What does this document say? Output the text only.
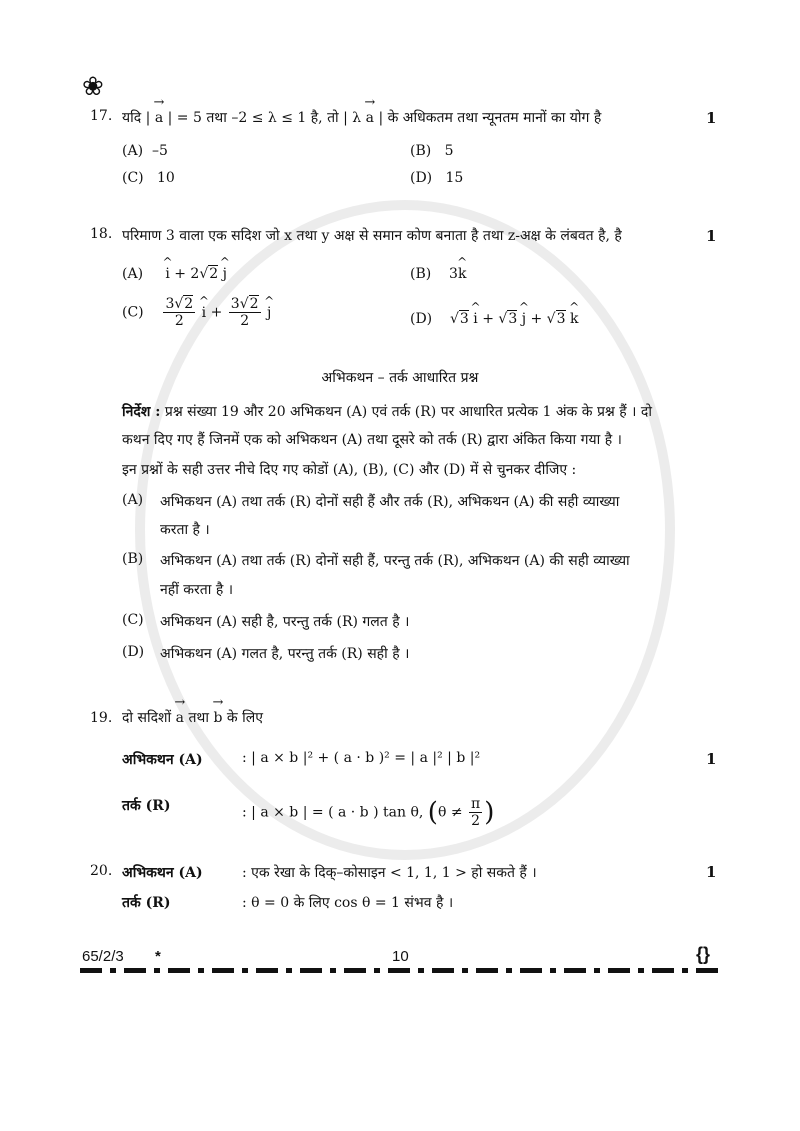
❀
17. यदि | → a | = 5 तथा –2 ≤ λ ≤ 1 है, तो | λ → a | के अधिकतम तथा न्यूनतम मानों का योग है	1
(A) –5	(B) 5
(C) 10	(D) 15
18. परिमाण 3 वाला एक सदिश जो x तथा y अक्ष से समान कोण बनाता है तथा z-अक्ष के लंबवत है, है	1
(A) ^ i + 2√2 ^ j	(B) 3^ k
$(C) \frac{3√2}{2}$ ^ $i + \frac{3√2}{2}$ ^ j	(D)    √3 ^ i + √3 ^ j + √3 ^ k
अभिकथन – तर्क आधारित प्रश्न
निर्देश : प्रश्न संख्या 19 और 20 अभिकथन (A) एवं तर्क (R) पर आधारित प्रत्येक 1 अंक के प्रश्न हैं । दो
कथन दिए गए हैं जिनमें एक को अभिकथन (A) तथा दूसरे को तर्क (R) द्वारा अंकित किया गया है ।
इन प्रश्नों के सही उत्तर नीचे दिए गए कोडों (A), (B), (C) और (D) में से चुनकर दीजिए :
(A) अभिकथन (A) तथा तर्क (R) दोनों सही हैं और तर्क (R), अभिकथन (A) की सही व्याख्या
करता है ।
(B) अभिकथन (A) तथा तर्क (R) दोनों सही हैं, परन्तु तर्क (R), अभिकथन (A) की सही व्याख्या
नहीं करता है ।
(C) अभिकथन (A) सही है, परन्तु तर्क (R) गलत है ।
(D) अभिकथन (A) गलत है, परन्तु तर्क (R) सही है ।
19. दो सदिशों → a तथा → b के लिए
अभिकथन (A)	: | a × b |² + ( a · b )² = | a |² | b |²	1
तर्क (R)	: | a × b | = ( a · b ) tan θ, ($\theta \ne \frac{\pi}{2}$ )
20. अभिकथन (A)	: एक रेखा के दिक्–कोसाइन < 1, 1, 1 > हो सकते हैं ।	1
तर्क (R)	: θ = 0 के लिए cos θ = 1 संभव है ।
65/2/3 *	10	{}
